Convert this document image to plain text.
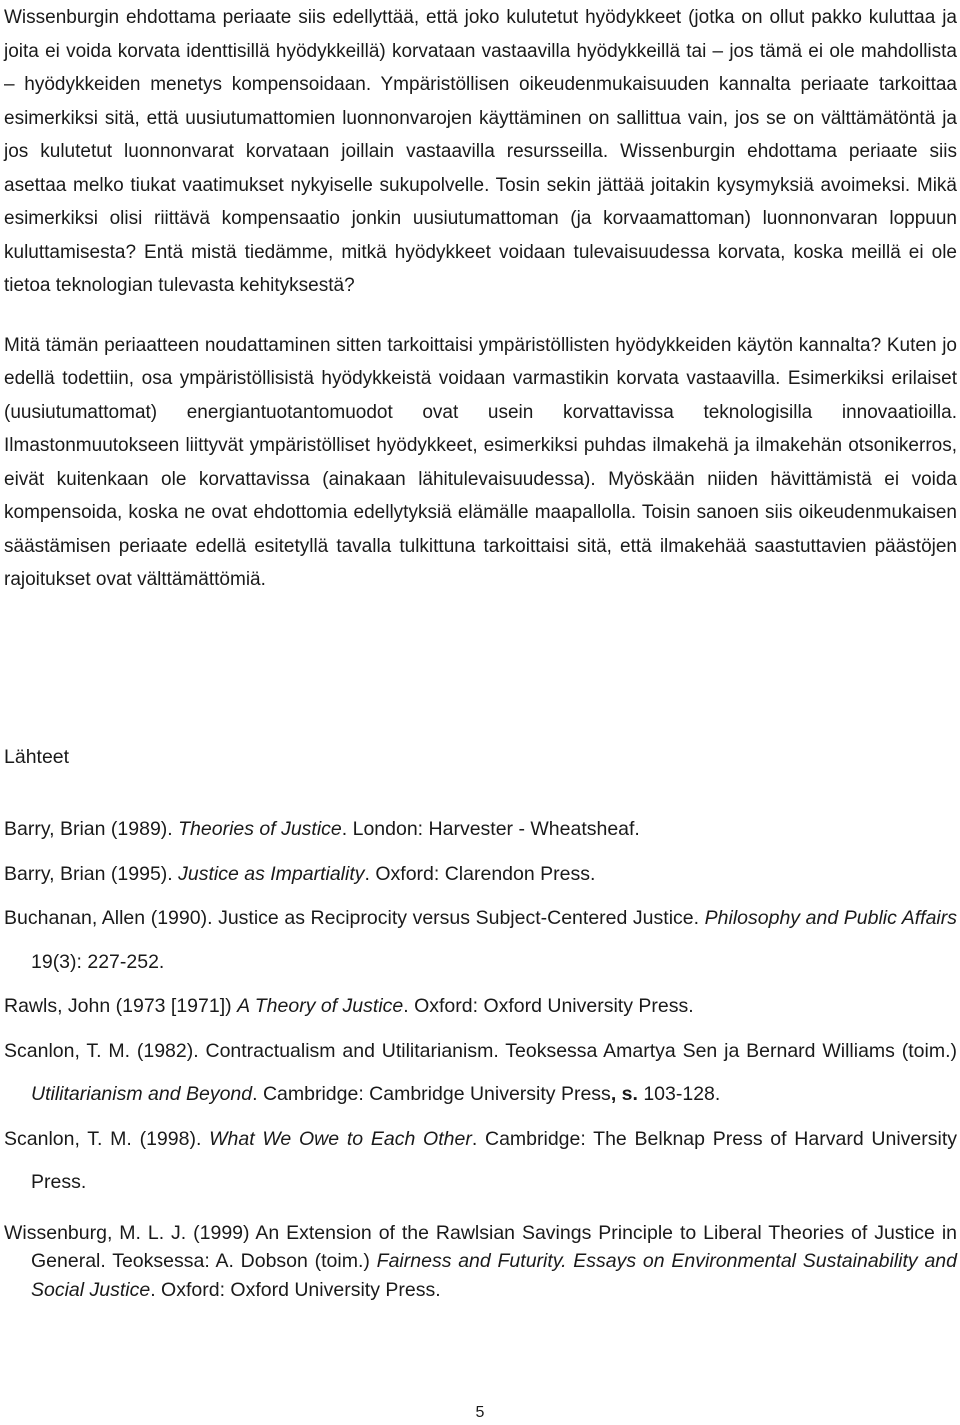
Wissenburgin ehdottama periaate siis edellyttää, että joko kulutetut hyödykkeet (jotka on ollut pakko kuluttaa ja joita ei voida korvata identtisillä hyödykkeillä) korvataan vastaavilla hyödykkeillä tai – jos tämä ei ole mahdollista – hyödykkeiden menetys kompensoidaan. Ympäristöllisen oikeudenmukaisuuden kannalta periaate tarkoittaa esimerkiksi sitä, että uusiutumattomien luonnonvarojen käyttäminen on sallittua vain, jos se on välttämätöntä ja jos kulutetut luonnonvarat korvataan joillain vastaavilla resursseilla. Wissenburgin ehdottama periaate siis asettaa melko tiukat vaatimukset nykyiselle sukupolvelle. Tosin sekin jättää joitakin kysymyksiä avoimeksi. Mikä esimerkiksi olisi riittävä kompensaatio jonkin uusiutumattoman (ja korvaamattoman) luonnonvaran loppuun kuluttamisesta? Entä mistä tiedämme, mitkä hyödykkeet voidaan tulevaisuudessa korvata, koska meillä ei ole tietoa teknologian tulevasta kehityksestä?

Mitä tämän periaatteen noudattaminen sitten tarkoittaisi ympäristöllisten hyödykkeiden käytön kannalta? Kuten jo edellä todettiin, osa ympäristöllisistä hyödykkeistä voidaan varmastikin korvata vastaavilla. Esimerkiksi erilaiset (uusiutumattomat) energiantuotantomuodot ovat usein korvattavissa teknologisilla innovaatioilla. Ilmastonmuutokseen liittyvät ympäristölliset hyödykkeet, esimerkiksi puhdas ilmakehä ja ilmakehän otsonikerros, eivät kuitenkaan ole korvattavissa (ainakaan lähitulevaisuudessa). Myöskään niiden hävittämistä ei voida kompensoida, koska ne ovat ehdottomia edellytyksiä elämälle maapallolla. Toisin sanoen siis oikeudenmukaisen säästämisen periaate edellä esitetyllä tavalla tulkittuna tarkoittaisi sitä, että ilmakehää saastuttavien päästöjen rajoitukset ovat välttämättömiä.

Lähteet

Barry, Brian (1989). Theories of Justice. London: Harvester - Wheatsheaf.

Barry, Brian (1995). Justice as Impartiality. Oxford: Clarendon Press.

Buchanan, Allen (1990). Justice as Reciprocity versus Subject-Centered Justice. Philosophy and Public Affairs 19(3): 227-252.

Rawls, John (1973 [1971]) A Theory of Justice. Oxford: Oxford University Press.

Scanlon, T. M. (1982). Contractualism and Utilitarianism. Teoksessa Amartya Sen ja Bernard Williams (toim.) Utilitarianism and Beyond. Cambridge: Cambridge University Press, s. 103-128.

Scanlon, T. M. (1998). What We Owe to Each Other. Cambridge: The Belknap Press of Harvard University Press.

Wissenburg, M. L. J. (1999) An Extension of the Rawlsian Savings Principle to Liberal Theories of Justice in General. Teoksessa: A. Dobson (toim.) Fairness and Futurity. Essays on Environmental Sustainability and Social Justice. Oxford: Oxford University Press.

5
